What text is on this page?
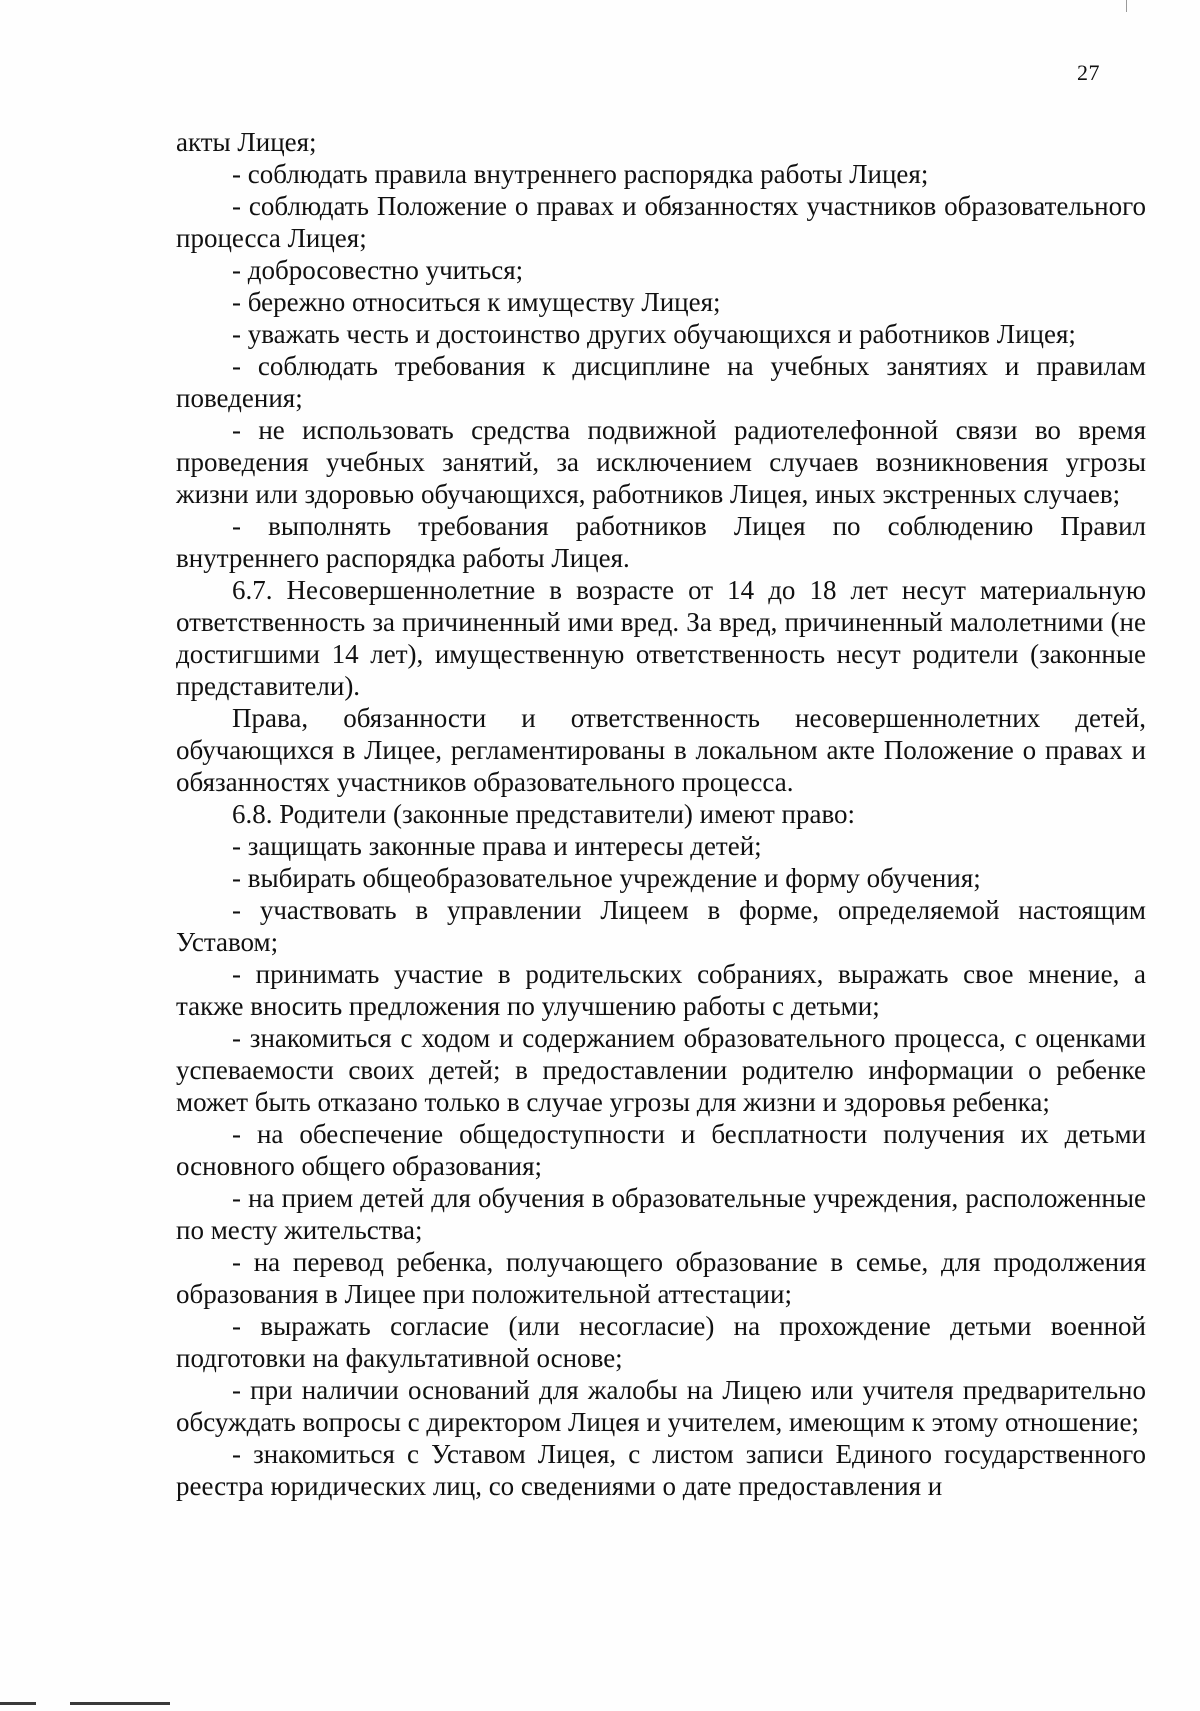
27

акты Лицея;

- соблюдать правила внутреннего распорядка работы Лицея;

- соблюдать Положение о правах и обязанностях участников образовательного процесса Лицея;

- добросовестно учиться;

- бережно относиться к имуществу Лицея;

- уважать честь и достоинство других обучающихся и работников Лицея;

- соблюдать требования к дисциплине на учебных занятиях и правилам поведения;

- не использовать средства подвижной радиотелефонной связи во время проведения учебных занятий, за исключением случаев возникновения угрозы жизни или здоровью обучающихся, работников Лицея, иных экстренных случаев;

- выполнять требования работников Лицея по соблюдению Правил внутреннего распорядка работы Лицея.

6.7. Несовершеннолетние в возрасте от 14 до 18 лет несут материальную ответственность за причиненный ими вред. За вред, причиненный малолетними (не достигшими 14 лет), имущественную ответственность несут родители (законные представители).

Права, обязанности и ответственность несовершеннолетних детей, обучающихся в Лицее, регламентированы в локальном акте Положение о правах и обязанностях участников образовательного процесса.

6.8. Родители (законные представители) имеют право:

- защищать законные права и интересы детей;

- выбирать общеобразовательное учреждение и форму обучения;

- участвовать в управлении Лицеем в форме, определяемой настоящим Уставом;

- принимать участие в родительских собраниях, выражать свое мнение, а также вносить предложения по улучшению работы с детьми;

- знакомиться с ходом и содержанием образовательного процесса, с оценками успеваемости своих детей; в предоставлении родителю информации о ребенке может быть отказано только в случае угрозы для жизни и здоровья ребенка;

- на обеспечение общедоступности и бесплатности получения их детьми основного общего образования;

- на прием детей для обучения в образовательные учреждения, расположенные по месту жительства;

- на перевод ребенка, получающего образование в семье, для продолжения образования в Лицее при положительной аттестации;

- выражать согласие (или несогласие) на прохождение детьми военной подготовки на факультативной основе;

- при наличии оснований для жалобы на Лицею или учителя предварительно обсуждать вопросы с директором Лицея и учителем, имеющим к этому отношение;

- знакомиться с Уставом Лицея, с листом записи Единого государственного реестра юридических лиц, со сведениями о дате предоставления и
